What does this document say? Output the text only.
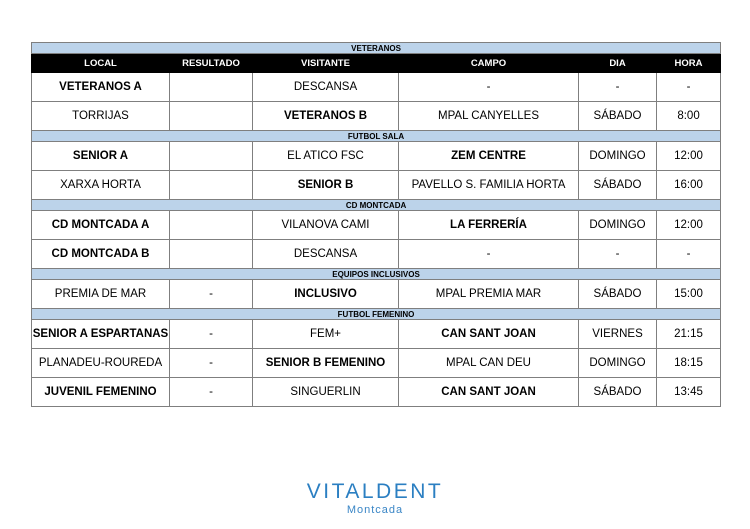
VETERANOS					
LOCAL	RESULTADO	VISITANTE	CAMPO	DIA	HORA
VETERANOS A		DESCANSA	-	-	-
TORRIJAS		VETERANOS B	MPAL CANYELLES	SÁBADO	8:00
FUTBOL SALA					
SENIOR A		EL ATICO FSC	ZEM CENTRE	DOMINGO	12:00
XARXA HORTA		SENIOR B	PAVELLO S. FAMILIA HORTA	SÁBADO	16:00
CD MONTCADA					
CD MONTCADA A		VILANOVA CAMI	LA FERRERÍA	DOMINGO	12:00
CD MONTCADA B		DESCANSA	-	-	-
EQUIPOS INCLUSIVOS					
PREMIA DE MAR	-	INCLUSIVO	MPAL PREMIA MAR	SÁBADO	15:00
FUTBOL FEMENINO					
SENIOR A ESPARTANAS	-	FEM+	CAN SANT JOAN	VIERNES	21:15
PLANADEU-ROUREDA	-	SENIOR B FEMENINO	MPAL CAN DEU	DOMINGO	18:15
JUVENIL FEMENINO	-	SINGUERLIN	CAN SANT JOAN	SÁBADO	13:45
VITALDENT
Montcada
